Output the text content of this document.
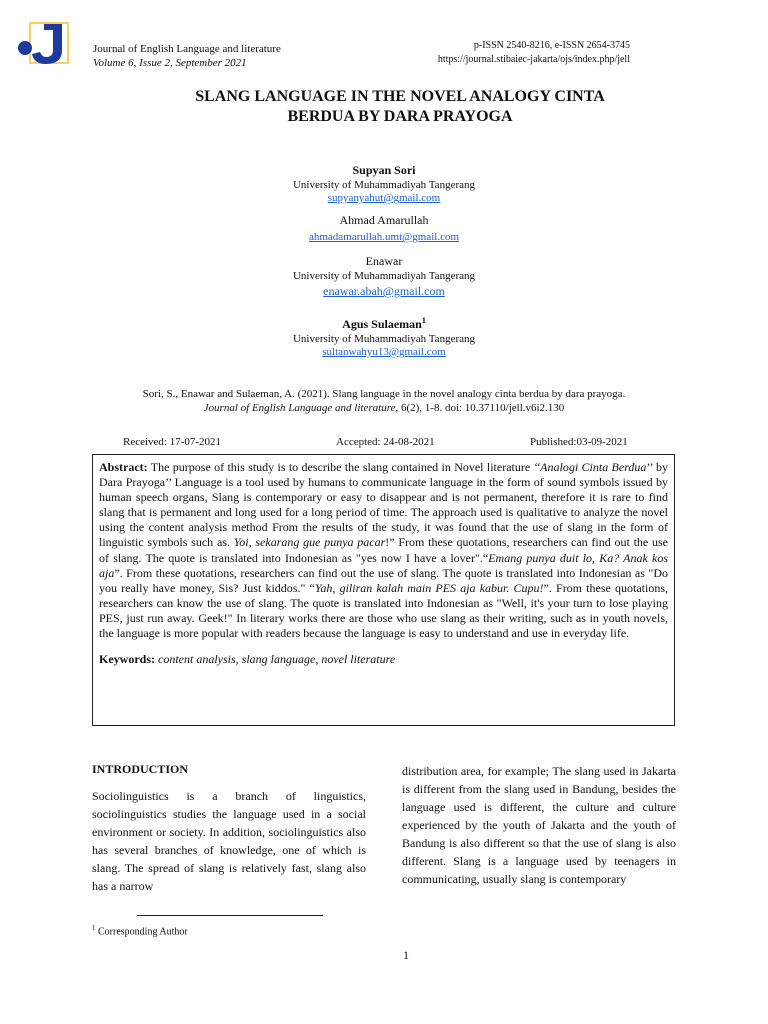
J
Journal of English Language and literature
Volume 6, Issue 2, September 2021
p-ISSN 2540-8216, e-ISSN 2654-3745
https://journal.stibaiec-jakarta/ojs/index.php/jell
SLANG LANGUAGE IN THE NOVEL ANALOGY CINTA
BERDUA BY DARA PRAYOGA
Supyan Sori
University of Muhammadiyah Tangerang
supyanyahut@gmail.com
Ahmad Amarullah
ahmadamarullah.umt@gmail.com
Enawar
University of Muhammadiyah Tangerang
enawar.abah@gmail.com
Agus Sulaeman$^1$
University of Muhammadiyah Tangerang
sultanwahyu13@gmail.com
Sori, S., Enawar and Sulaeman, A. (2021). Slang language in the novel analogy cinta berdua by dara prayoga.
Journal of English Language and literature, 6(2), 1-8. doi: 10.37110/jell.v6i2.130
Received: 17-07-2021	Accepted: 24-08-2021	Published:03-09-2021
Abstract: The purpose of this study is to describe the slang contained in Novel literature ‘‘Analogi Cinta Berdua’’ by Dara Prayoga’’ Language is a tool used by humans to communicate language in the form of sound symbols issued by human speech organs, Slang is contemporary or easy to disappear and is not permanent, therefore it is rare to find slang that is permanent and long used for a long period of time. The approach used is qualitative to analyze the novel using the content analysis method From the results of the study, it was found that the use of slang in the form of linguistic symbols such as. Yoi, sekarang gue punya pacar!” From these quotations, researchers can find out the use of slang. The quote is translated into Indonesian as "yes now I have a lover".“Emang punya duit lo, Ka? Anak kos aja”. From these quotations, researchers can find out the use of slang. The quote is translated into Indonesian as "Do you really have money, Sis? Just kiddos." “Yah, giliran kalah main PES aja kabur. Cupu!”. From these quotations, researchers can know the use of slang. The quote is translated into Indonesian as "Well, it's your turn to lose playing PES, just run away. Geek!" In literary works there are those who use slang as their writing, such as in youth novels, the language is more popular with readers because the language is easy to understand and use in everyday life.
Keywords: content analysis, slang language, novel literature
INTRODUCTION
Sociolinguistics is a branch of linguistics, sociolinguistics studies the language used in a social environment or society. In addition, sociolinguistics also has several branches of knowledge, one of which is slang. The spread of slang is relatively fast, slang also has a narrow
distribution area, for example; The slang used in Jakarta is different from the slang used in Bandung, besides the language used is different, the culture and culture experienced by the youth of Jakarta and the youth of Bandung is also different so that the use of slang is also different. Slang is a language used by teenagers in communicating, usually slang is contemporary
$^1$ Corresponding Author
1
